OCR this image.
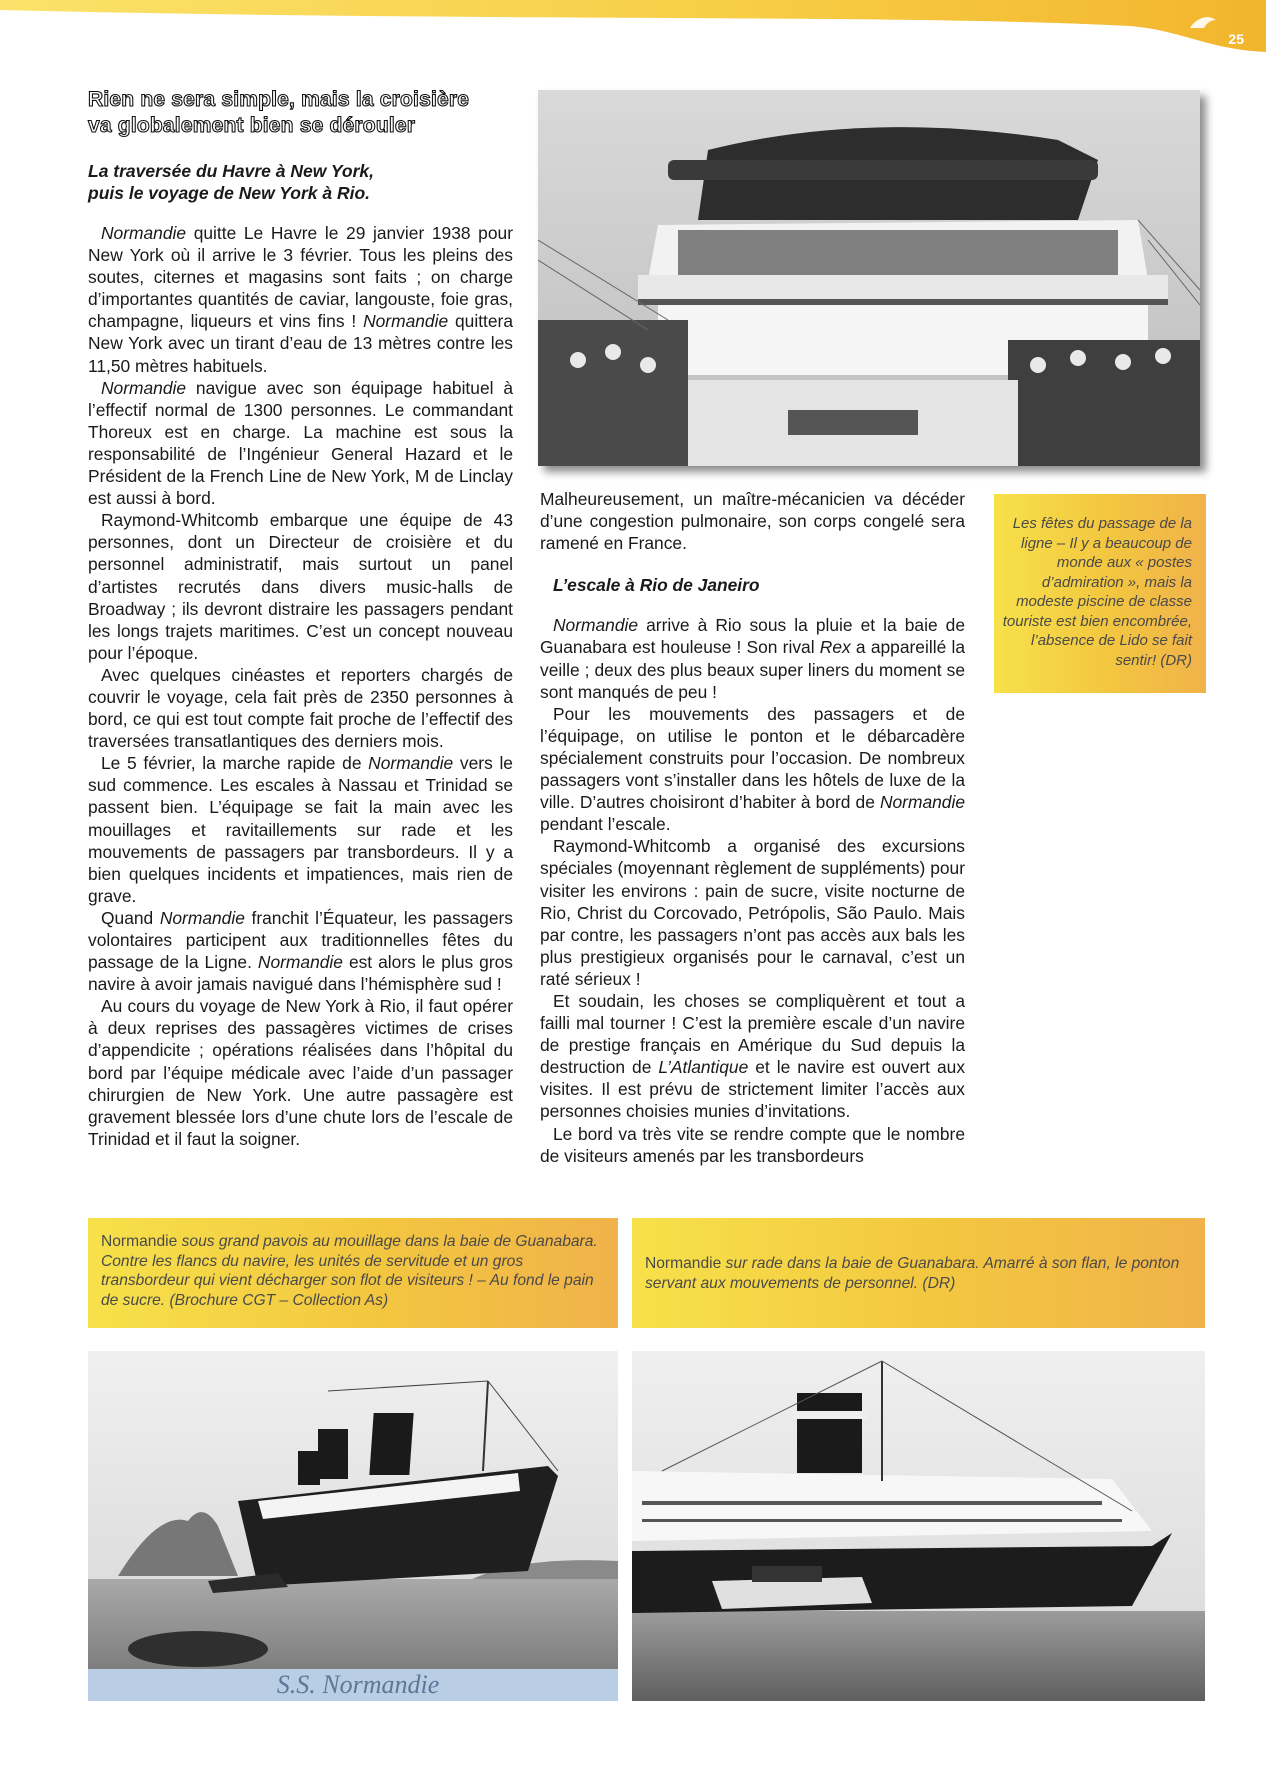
25
Rien ne sera simple, mais la croisière
va globalement bien se dérouler
La traversée du Havre à New York,
puis le voyage de New York à Rio.

Normandie quitte Le Havre le 29 janvier 1938 pour New York où il arrive le 3 février. Tous les pleins des soutes, citernes et magasins sont faits ; on charge d’importantes quantités de caviar, langouste, foie gras, champagne, liqueurs et vins fins ! Normandie quittera New York avec un tirant d’eau de 13 mètres contre les 11,50 mètres habituels.

Normandie navigue avec son équipage habituel à l’effectif normal de 1300 personnes. Le commandant Thoreux est en charge. La machine est sous la responsabilité de l’Ingénieur General Hazard et le Président de la French Line de New York, M de Linclay est aussi à bord.

Raymond-Whitcomb embarque une équipe de 43 personnes, dont un Directeur de croisière et du personnel administratif, mais surtout un panel d’artistes recrutés dans divers music-halls de Broadway ; ils devront distraire les passagers pendant les longs trajets maritimes. C’est un concept nouveau pour l’époque.

Avec quelques cinéastes et reporters chargés de couvrir le voyage, cela fait près de 2350 personnes à bord, ce qui est tout compte fait proche de l’effectif des traversées transatlantiques des derniers mois.

Le 5 février, la marche rapide de Normandie vers le sud commence. Les escales à Nassau et Trinidad se passent bien. L’équipage se fait la main avec les mouillages et ravitaillements sur rade et les mouvements de passagers par transbordeurs. Il y a bien quelques incidents et impatiences, mais rien de grave.

Quand Normandie franchit l’Équateur, les passagers volontaires participent aux traditionnelles fêtes du passage de la Ligne. Normandie est alors le plus gros navire à avoir jamais navigué dans l’hémisphère sud !

Au cours du voyage de New York à Rio, il faut opérer à deux reprises des passagères victimes de crises d’appendicite ; opérations réalisées dans l’hôpital du bord par l’équipe médicale avec l’aide d’un passager chirurgien de New York. Une autre passagère est gravement blessée lors d’une chute lors de l’escale de Trinidad et il faut la soigner.

Les fêtes du passage de la ligne – Il y a beaucoup de monde aux « postes d’admiration », mais la modeste piscine de classe touriste est bien encombrée, l’absence de Lido se fait sentir! (DR)

Malheureusement, un maître-mécanicien va décéder d’une congestion pulmonaire, son corps congelé sera ramené en France.

L’escale à Rio de Janeiro

Normandie arrive à Rio sous la pluie et la baie de Guanabara est houleuse ! Son rival Rex a appareillé la veille ; deux des plus beaux super liners du moment se sont manqués de peu !

Pour les mouvements des passagers et de l’équipage, on utilise le ponton et le débarcadère spécialement construits pour l’occasion. De nombreux passagers vont s’installer dans les hôtels de luxe de la ville. D’autres choisiront d’habiter à bord de Normandie pendant l’escale.

Raymond-Whitcomb a organisé des excursions spéciales (moyennant règlement de suppléments) pour visiter les environs : pain de sucre, visite nocturne de Rio, Christ du Corcovado, Petrópolis, São Paulo. Mais par contre, les passagers n’ont pas accès aux bals les plus prestigieux organisés pour le carnaval, c’est un raté sérieux !

Et soudain, les choses se compliquèrent et tout a failli mal tourner ! C’est la première escale d’un navire de prestige français en Amérique du Sud depuis la destruction de L’Atlantique et le navire est ouvert aux visites. Il est prévu de strictement limiter l’accès aux personnes choisies munies d’invitations.

Le bord va très vite se rendre compte que le nombre de visiteurs amenés par les transbordeurs

Normandie sous grand pavois au mouillage dans la baie de Guanabara. Contre les flancs du navire, les unités de servitude et un gros transbordeur qui vient décharger son flot de visiteurs ! – Au fond le pain de sucre. (Brochure CGT – Collection As)
Normandie sur rade dans la baie de Guanabara. Amarré à son flan, le ponton servant aux mouvements de personnel. (DR)
S.S. Normandie
